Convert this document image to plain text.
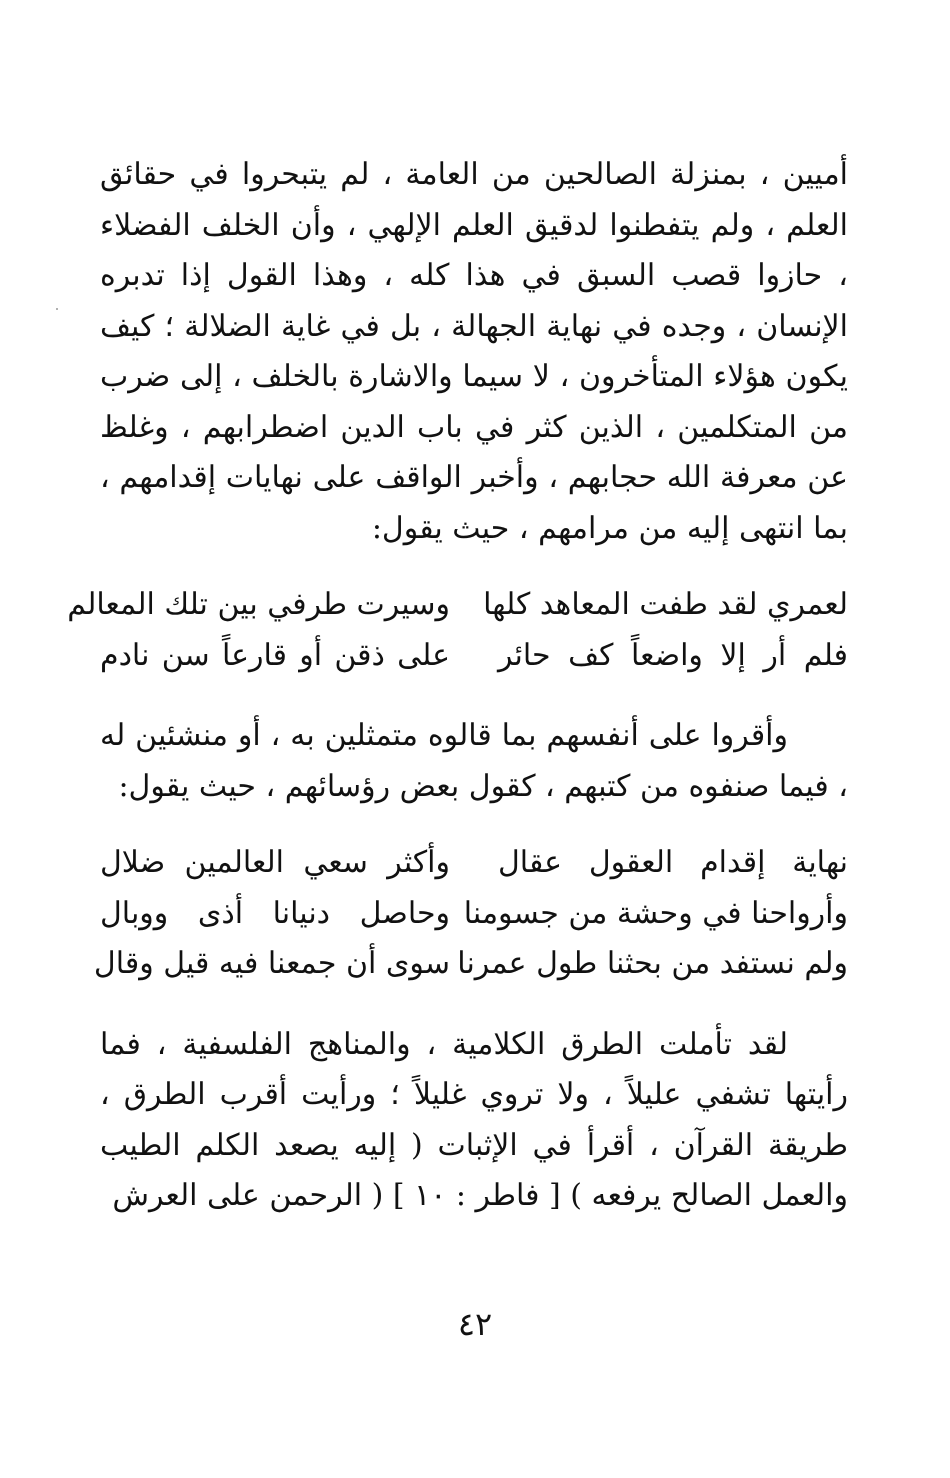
أميين ، بمنزلة الصالحين من العامة ، لم يتبحروا في حقائق العلم ، ولم يتفطنوا لدقيق العلم الإلهي ، وأن الخلف الفضلاء ، حازوا قصب السبق في هذا كله ، وهذا القول إذا تدبره الإنسان ، وجده في نهاية الجهالة ، بل في غاية الضلالة ؛ كيف يكون هؤلاء المتأخرون ، لا سيما والاشارة بالخلف ، إلى ضرب من المتكلمين ، الذين كثر في باب الدين اضطرابهم ، وغلظ عن معرفة الله حجابهم ، وأخبر الواقف على نهايات إقدامهم ، بما انتهى إليه من مرامهم ، حيث يقول:

لعمري لقد طفت المعاهد كلها
وسيرت طرفي بين تلك المعالم
فلم أر إلا واضعاً كف حائر
على ذقن أو قارعاً سن نادم

وأقروا على أنفسهم بما قالوه متمثلين به ، أو منشئين له ، فيما صنفوه من كتبهم ، كقول بعض رؤسائهم ، حيث يقول:

نهاية إقدام العقول عقال
وأكثر سعي العالمين ضلال
وأرواحنا في وحشة من جسومنا
وحاصل دنيانا أذى ووبال
ولم نستفد من بحثنا طول عمرنا
سوى أن جمعنا فيه قيل وقال

لقد تأملت الطرق الكلامية ، والمناهج الفلسفية ، فما رأيتها تشفي عليلاً ، ولا تروي غليلاً ؛ ورأيت أقرب الطرق ، طريقة القرآن ، أقرأ في الإثبات ( إليه يصعد الكلم الطيب والعمل الصالح يرفعه ) [ فاطر : ١٠ ] ( الرحمن على العرش

٤٢
